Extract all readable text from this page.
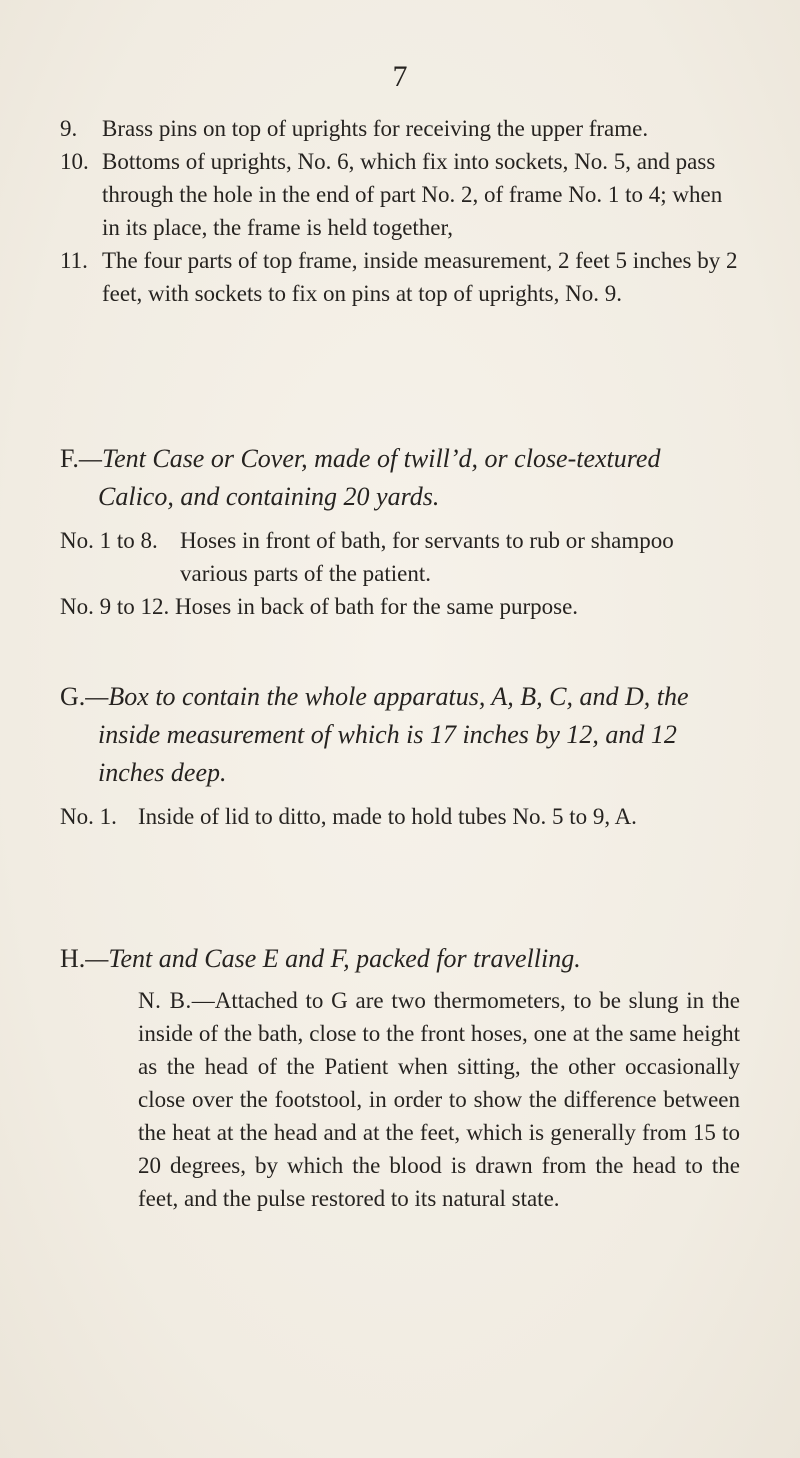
7

9. Brass pins on top of uprights for receiving the upper frame.

10. Bottoms of uprights, No. 6, which fix into sockets, No. 5, and pass through the hole in the end of part No. 2, of frame No. 1 to 4; when in its place, the frame is held together,

11. The four parts of top frame, inside measurement, 2 feet 5 inches by 2 feet, with sockets to fix on pins at top of uprights, No. 9.

F.—Tent Case or Cover, made of twill’d, or close-textured Calico, and containing 20 yards.

No. 1 to 8. Hoses in front of bath, for servants to rub or shampoo various parts of the patient.

No. 9 to 12. Hoses in back of bath for the same purpose.

G.—Box to contain the whole apparatus, A, B, C, and D, the inside measurement of which is 17 inches by 12, and 12 inches deep.

No. 1. Inside of lid to ditto, made to hold tubes No. 5 to 9, A.

H.—Tent and Case E and F, packed for travelling.

N. B.—Attached to G are two thermometers, to be slung in the inside of the bath, close to the front hoses, one at the same height as the head of the Patient when sitting, the other occasionally close over the footstool, in order to show the difference between the heat at the head and at the feet, which is generally from 15 to 20 degrees, by which the blood is drawn from the head to the feet, and the pulse restored to its natural state.
